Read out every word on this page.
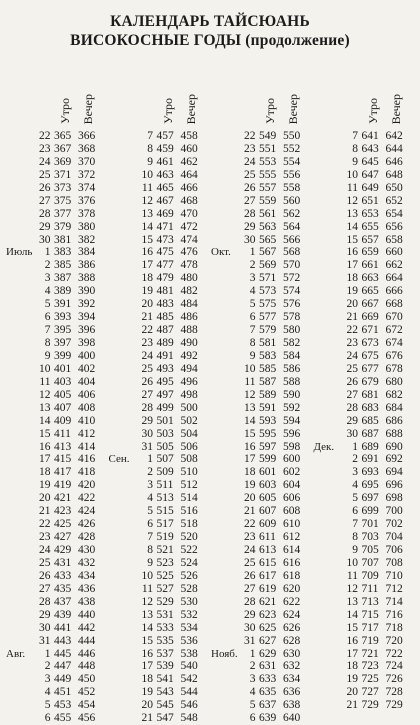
КАЛЕНДАРЬ ТАЙСЮАНЬ
ВИСОКОСНЫЕ ГОДЫ (продолжение)
Утро Вечер
22 365 366
23 367 368
24 369 370
25 371 372
26 373 374
27 375 376
28 377 378
29 379 380
30 381 382
Июль 1 383 384
2 385 386
3 387 388
4 389 390
5 391 392
6 393 394
7 395 396
8 397 398
9 399 400
10 401 402
11 403 404
12 405 406
13 407 408
14 409 410
15 411 412
16 413 414
17 415 416
18 417 418
19 419 420
20 421 422
21 423 424
22 425 426
23 427 428
24 429 430
25 431 432
26 433 434
27 435 436
28 437 438
29 439 440
30 441 442
31 443 444
Авг. 1 445 446
2 447 448
3 449 450
4 451 452
5 453 454
6 455 456
Утро Вечер
7 457 458
8 459 460
9 461 462
10 463 464
11 465 466
12 467 468
13 469 470
14 471 472
15 473 474
16 475 476
17 477 478
18 479 480
19 481 482
20 483 484
21 485 486
22 487 488
23 489 490
24 491 492
25 493 494
26 495 496
27 497 498
28 499 500
29 501 502
30 503 504
31 505 506
Сен. 1 507 508
2 509 510
3 511 512
4 513 514
5 515 516
6 517 518
7 519 520
8 521 522
9 523 524
10 525 526
11 527 528
12 529 530
13 531 532
14 533 534
15 535 536
16 537 538
17 539 540
18 541 542
19 543 544
20 545 546
21 547 548
Утро Вечер
22 549 550
23 551 552
24 553 554
25 555 556
26 557 558
27 559 560
28 561 562
29 563 564
30 565 566
Окт. 1 567 568
2 569 570
3 571 572
4 573 574
5 575 576
6 577 578
7 579 580
8 581 582
9 583 584
10 585 586
11 587 588
12 589 590
13 591 592
14 593 594
15 595 596
16 597 598
17 599 600
18 601 602
19 603 604
20 605 606
21 607 608
22 609 610
23 611 612
24 613 614
25 615 616
26 617 618
27 619 620
28 621 622
29 623 624
30 625 626
31 627 628
Нояб. 1 629 630
2 631 632
3 633 634
4 635 636
5 637 638
6 639 640
Утро Вечер
7 641 642
8 643 644
9 645 646
10 647 648
11 649 650
12 651 652
13 653 654
14 655 656
15 657 658
16 659 660
17 661 662
18 663 664
19 665 666
20 667 668
21 669 670
22 671 672
23 673 674
24 675 676
25 677 678
26 679 680
27 681 682
28 683 684
29 685 686
30 687 688
Дек. 1 689 690
2 691 692
3 693 694
4 695 696
5 697 698
6 699 700
7 701 702
8 703 704
9 705 706
10 707 708
11 709 710
12 711 712
13 713 714
14 715 716
15 717 718
16 719 720
17 721 722
18 723 724
19 725 726
20 727 728
21 729 729
